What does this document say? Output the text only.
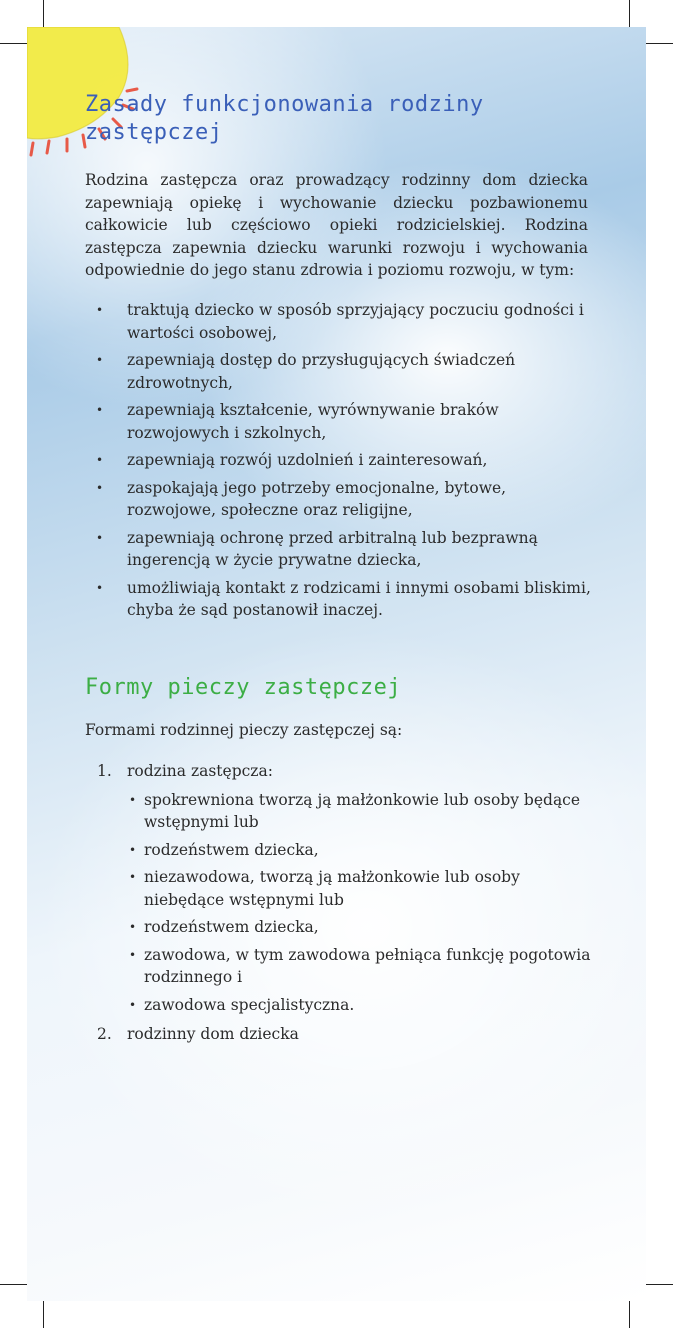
Zasady funkcjonowania rodziny zastępczej

Rodzina zastępcza oraz prowadzący rodzinny dom dziecka zapewniają opiekę i wychowanie dziecku pozbawionemu całkowicie lub częściowo opieki rodzicielskiej. Rodzina zastępcza zapewnia dziecku warunki rozwoju i wychowania odpowiednie do jego stanu zdrowia i poziomu rozwoju, w tym:

• traktują dziecko w sposób sprzyjający poczuciu godności i wartości osobowej,
• zapewniają dostęp do przysługujących świadczeń zdrowotnych,
• zapewniają kształcenie, wyrównywanie braków rozwojowych i szkolnych,
• zapewniają rozwój uzdolnień i zainteresowań,
• zaspokajają jego potrzeby emocjonalne, bytowe, rozwojowe, społeczne oraz religijne,
• zapewniają ochronę przed arbitralną lub bezprawną ingerencją w życie prywatne dziecka,
• umożliwiają kontakt z rodzicami i innymi osobami bliskimi, chyba że sąd postanowił inaczej.
Formy pieczy zastępczej

Formami rodzinnej pieczy zastępczej są:

1. rodzina zastępcza:
• spokrewniona tworzą ją małżonkowie lub osoby będące wstępnymi lub
• rodzeństwem dziecka,
• niezawodowa, tworzą ją małżonkowie lub osoby niebędące wstępnymi lub
• rodzeństwem dziecka,
• zawodowa, w tym zawodowa pełniąca funkcję pogotowia rodzinnego i
• zawodowa specjalistyczna.
2. rodzinny dom dziecka
